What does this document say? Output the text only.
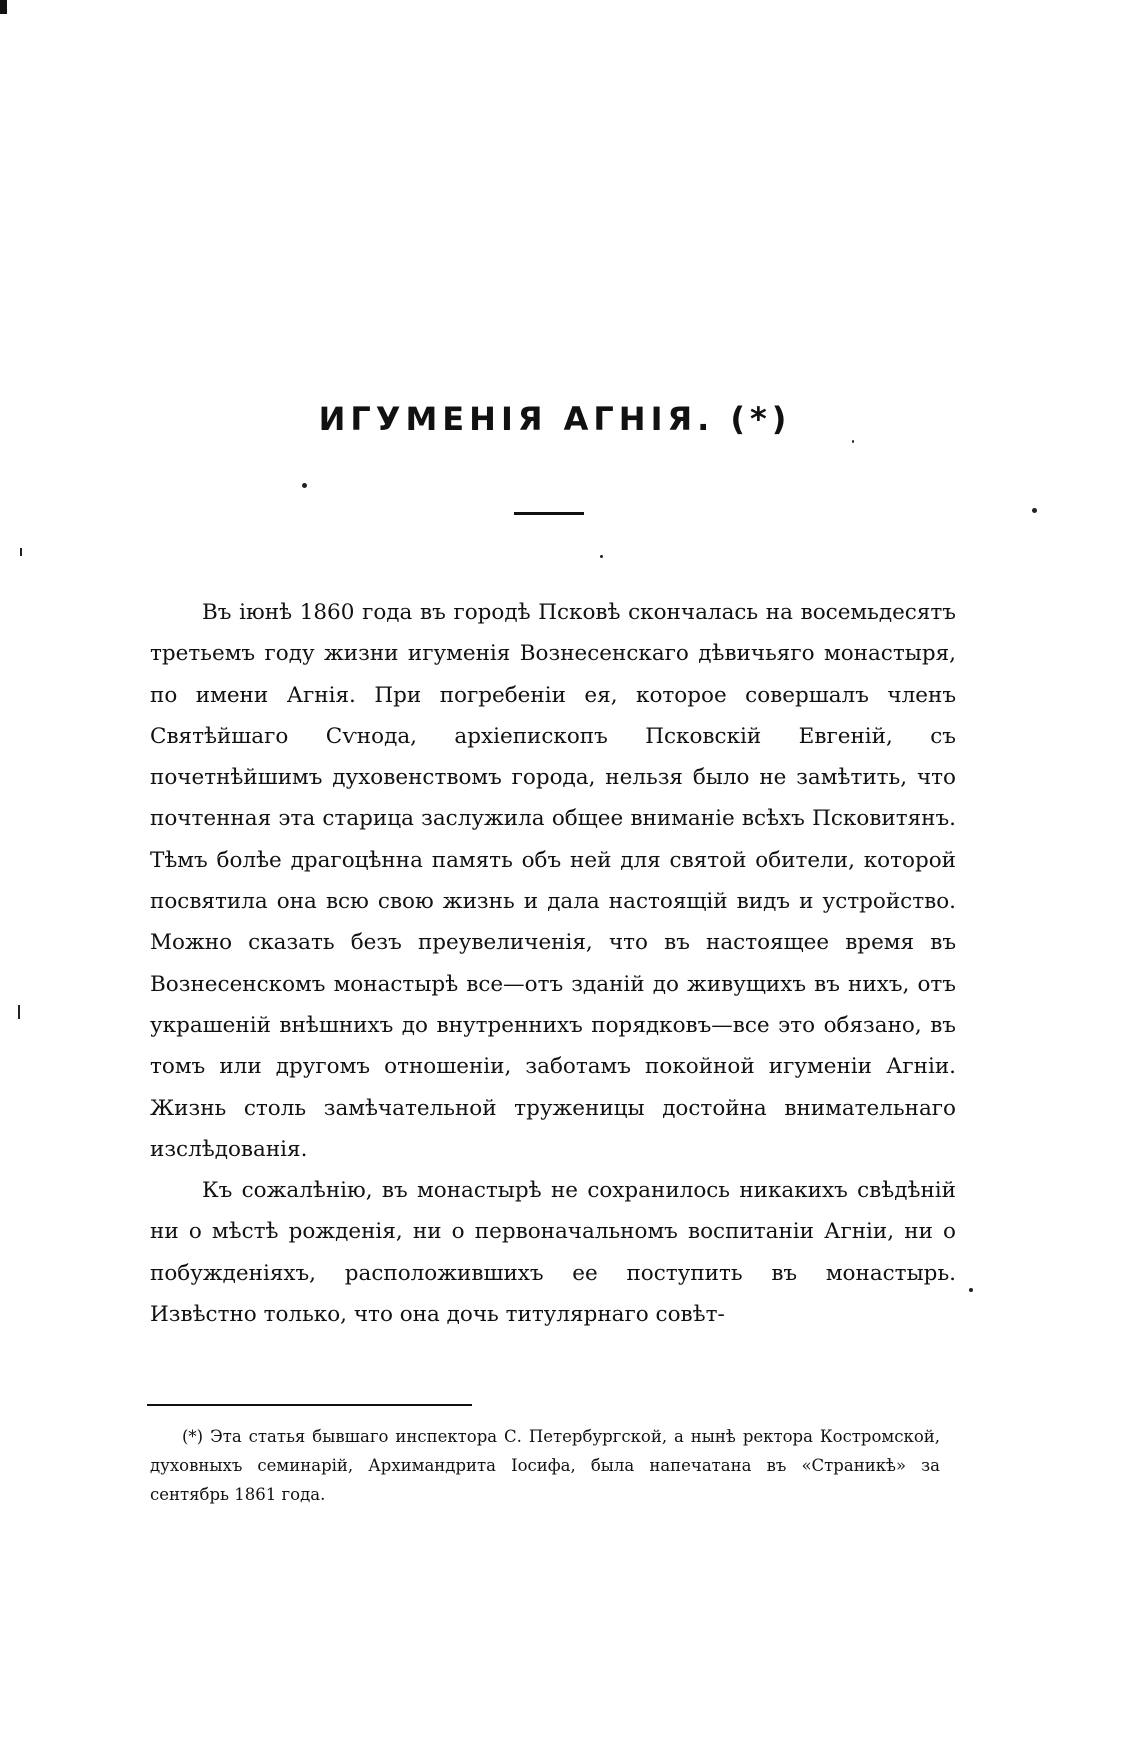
ИГУМЕНІЯ АГНІЯ. (*)

Въ іюнѣ 1860 года въ городѣ Псковѣ скончалась на восемьдесятъ третьемъ году жизни игуменія Вознесенскаго дѣвичьяго монастыря, по имени Агнія. При погребеніи ея, которое совершалъ членъ Святѣйшаго Сѵнода, архіепископъ Псковскій Евгеній, съ почетнѣйшимъ духовенствомъ города, нельзя было не замѣтить, что почтенная эта старица заслужила общее вниманіе всѣхъ Псковитянъ. Тѣмъ болѣе драгоцѣнна память объ ней для святой обители, которой посвятила она всю свою жизнь и дала настоящій видъ и устройство. Можно сказать безъ преувеличенія, что въ настоящее время въ Вознесенскомъ монастырѣ все—отъ зданій до живущихъ въ нихъ, отъ украшеній внѣшнихъ до внутреннихъ порядковъ—все это обязано, въ томъ или другомъ отношеніи, заботамъ покойной игуменіи Агніи. Жизнь столь замѣчательной труженицы достойна внимательнаго изслѣдованія.

Къ сожалѣнію, въ монастырѣ не сохранилось никакихъ свѣдѣній ни о мѣстѣ рожденія, ни о первоначальномъ воспитаніи Агніи, ни о побужденіяхъ, расположившихъ ее поступить въ монастырь. Извѣстно только, что она дочь титулярнаго совѣт-

(*) Эта статья бывшаго инспектора С. Петербургской, а нынѣ ректора Костромской, духовныхъ семинарій, Архимандрита Іосифа, была напечатана въ «Страникѣ» за сентябрь 1861 года.
